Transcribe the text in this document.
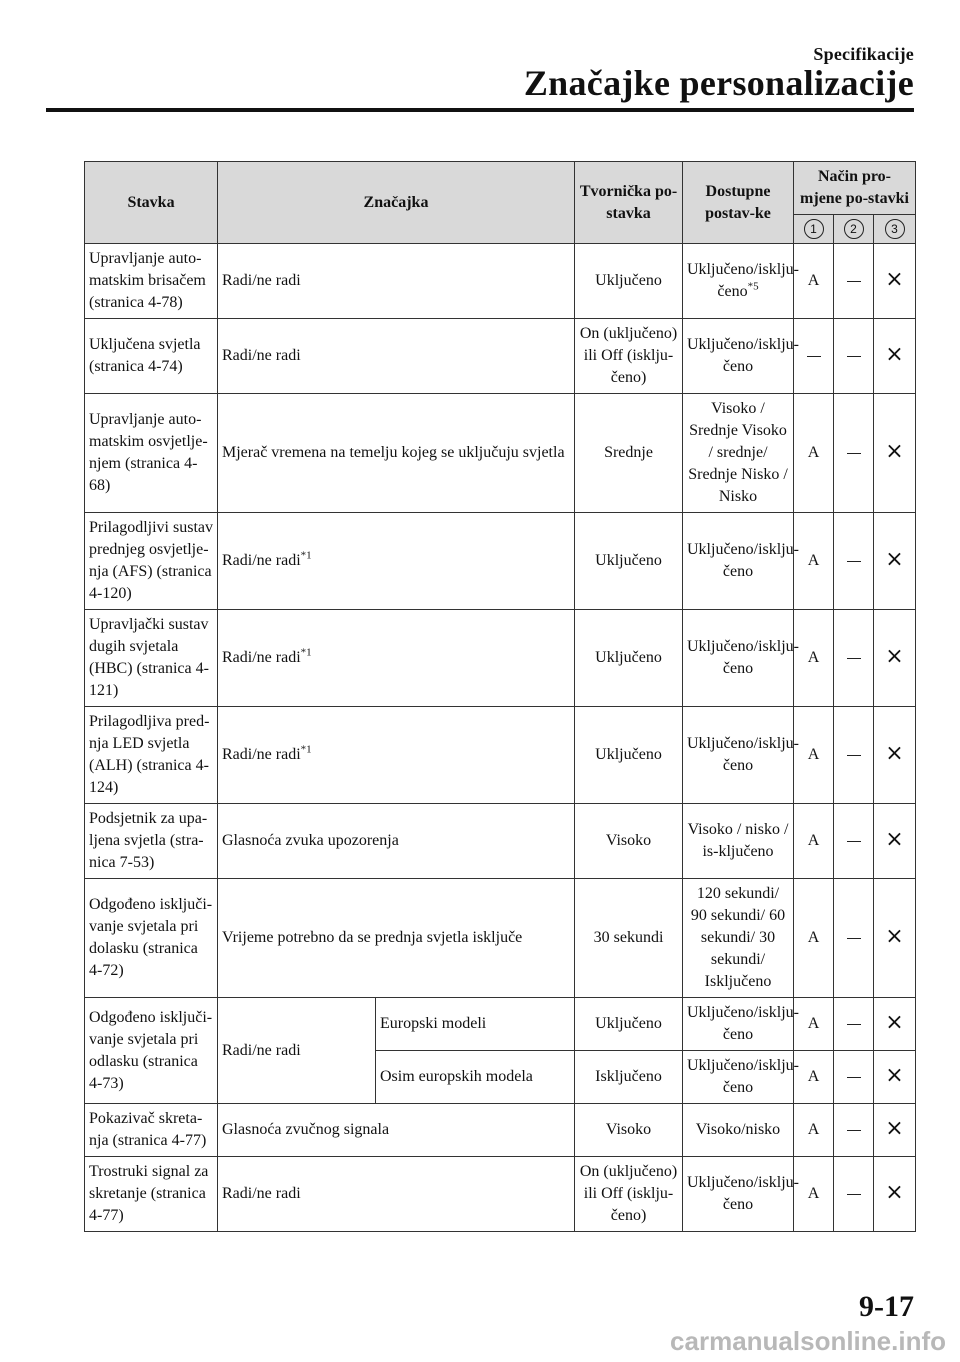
Specifikacije
Značajke personalizacije
Stavka	Značajka		Tvornička po-stavka	Dostupne postav-ke	Način pro-mjene po-stavki		
					1	2	3
Upravljanje auto-matskim brisačem (stranica 4-78)	Radi/ne radi		Uključeno	Uključeno/isklju-čeno$^{*5}$	A		×
Uključena svjetla (stranica 4-74)	Radi/ne radi		On (uključeno) ili Off (isklju-čeno)	Uključeno/isklju-čeno			×
Upravljanje auto-matskim osvjetlje-njem (stranica 4-68)	Mjerač vremena na temelju kojeg se uključuju svjetla		Srednje	Visoko / Srednje Visoko / srednje/ Srednje Nisko / Nisko	A		×
Prilagodljivi sustav prednjeg osvjetlje-nja (AFS) (stranica 4-120)	Radi/ne radi$^{*1}$		Uključeno	Uključeno/isklju-čeno	A		×
Upravljački sustav dugih svjetala (HBC) (stranica 4-121)	Radi/ne radi$^{*1}$		Uključeno	Uključeno/isklju-čeno	A		×
Prilagodljiva pred-nja LED svjetla (ALH) (stranica 4-124)	Radi/ne radi$^{*1}$		Uključeno	Uključeno/isklju-čeno	A		×
Podsjetnik za upa-ljena svjetla (stra-nica 7-53)	Glasnoća zvuka upozorenja		Visoko	Visoko / nisko / is-ključeno	A		×
Odgođeno isključi-vanje svjetala pri dolasku (stranica 4-72)	Vrijeme potrebno da se prednja svjetla isključe		30 sekundi	120 sekundi/ 90 sekundi/ 60 sekundi/ 30 sekundi/ Isključeno	A		×
Odgođeno isključi-vanje svjetala pri odlasku (stranica 4-73)	Radi/ne radi	Europski modeli	Uključeno	Uključeno/isklju-čeno	A		×
		Osim europskih modela	Isključeno	Uključeno/isklju-čeno	A		×
Pokazivač skreta-nja (stranica 4-77)	Glasnoća zvučnog signala		Visoko	Visoko/nisko	A		×
Trostruki signal za skretanje (stranica 4-77)	Radi/ne radi		On (uključeno) ili Off (isklju-čeno)	Uključeno/isklju-čeno	A		×
9-17
carmanualsonline.info
